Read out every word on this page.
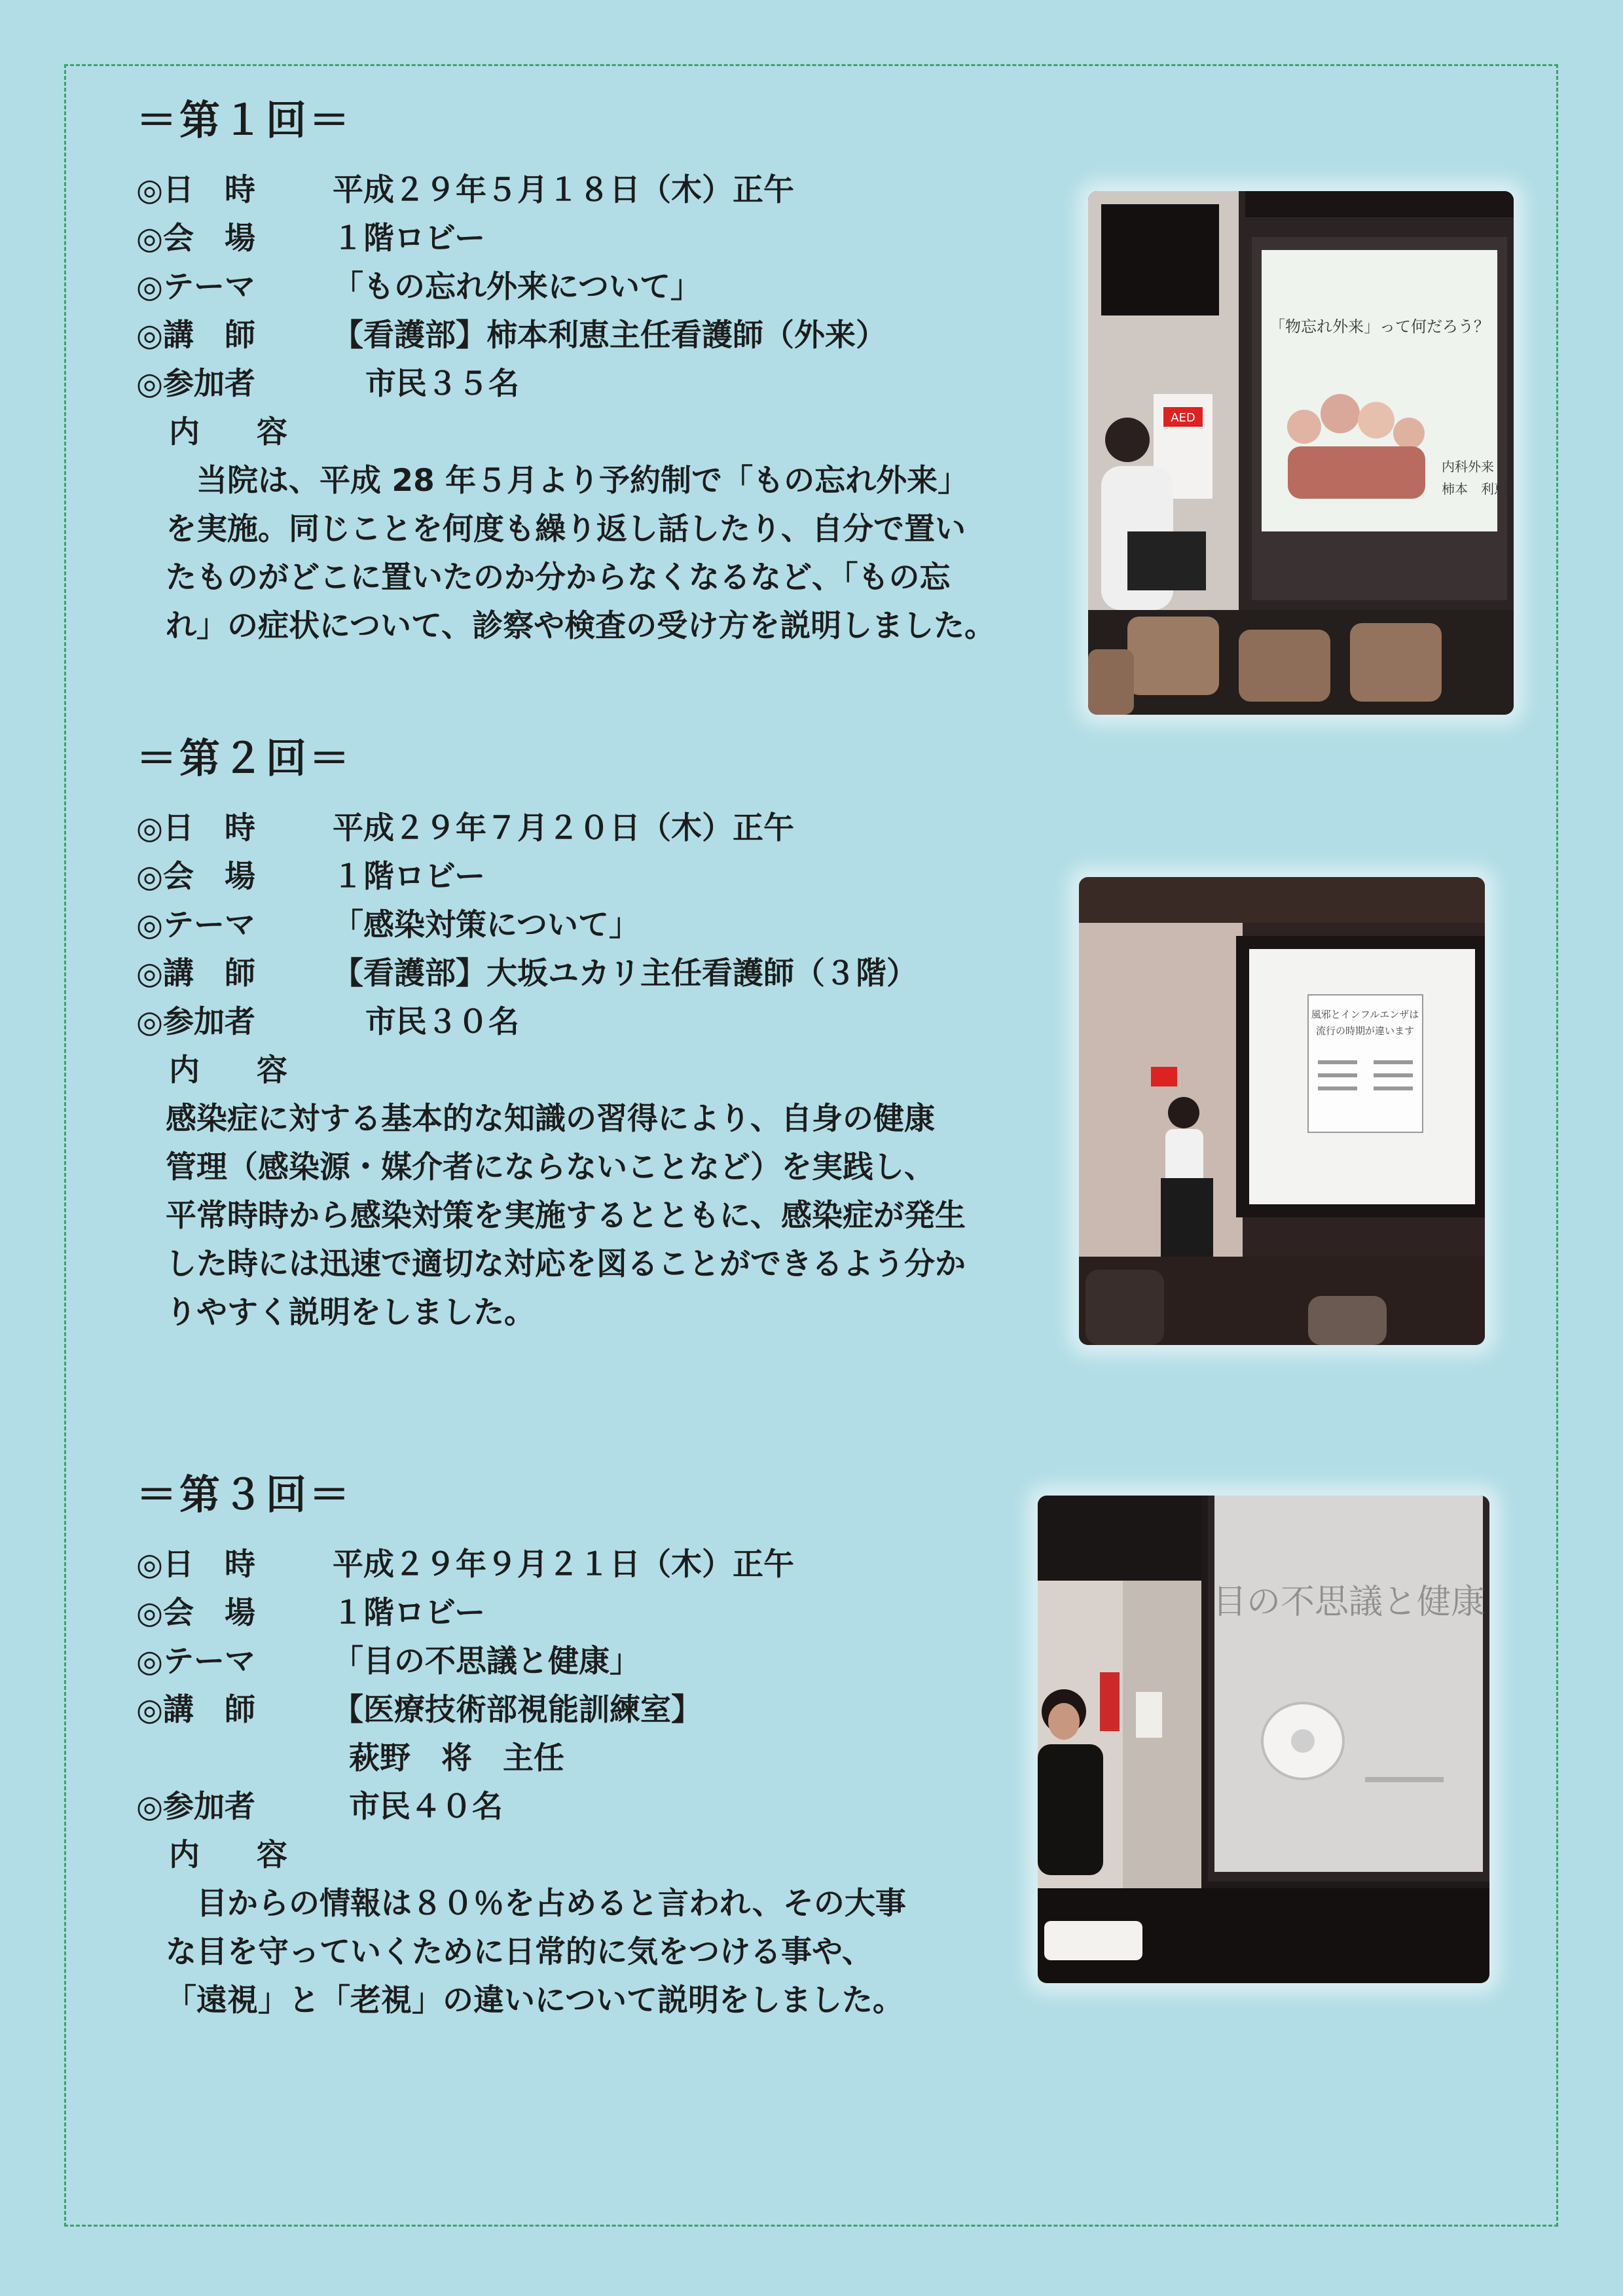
＝第１回＝
◎日　時	平成２９年５月１８日（木）正午
◎会　場	１階ロビー
◎テーマ	「もの忘れ外来について」
◎講　師	【看護部】柿本利恵主任看護師（外来）
◎参加者	市民３５名
内　容
　当院は、平成 28 年５月より予約制で「もの忘れ外来」
を実施。同じことを何度も繰り返し話したり、自分で置い
たものがどこに置いたのか分からなくなるなど、「もの忘
れ」の症状について、診察や検査の受け方を説明しました。
「物忘れ外来」って何だろう？
内科外来
柿本　利恵
AED
＝第２回＝
◎日　時	平成２９年７月２０日（木）正午
◎会　場	１階ロビー
◎テーマ	「感染対策について」
◎講　師	【看護部】大坂ユカリ主任看護師（３階）
◎参加者	市民３０名
内　容
感染症に対する基本的な知識の習得により、自身の健康
管理（感染源・媒介者にならないことなど）を実践し、
平常時時から感染対策を実施するとともに、感染症が発生
した時には迅速で適切な対応を図ることができるよう分か
りやすく説明をしました。
風邪とインフルエンザは
流行の時期が違います
＝第３回＝
◎日　時	平成２９年９月２１日（木）正午
◎会　場	１階ロビー
◎テーマ	「目の不思議と健康」
◎講　師	【医療技術部視能訓練室】
萩野　将　主任
◎参加者	市民４０名
内　容
　目からの情報は８０％を占めると言われ、その大事
な目を守っていくために日常的に気をつける事や、
「遠視」と「老視」の違いについて説明をしました。
目の不思議と健康
